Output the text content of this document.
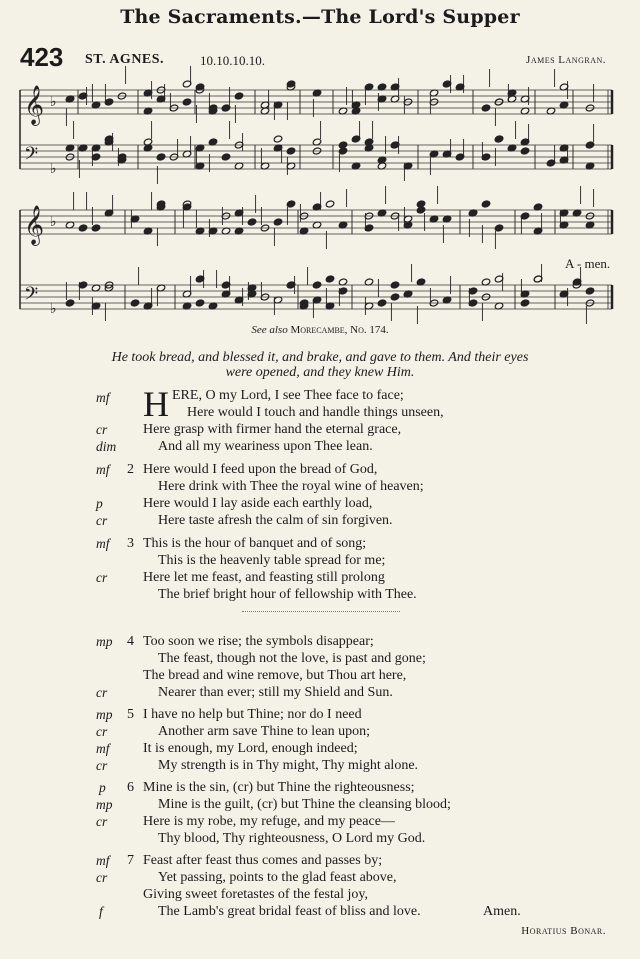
The Sacraments.—The Lord's Supper
423 ST. AGNES.	10.10.10.10.	James Langran.
𝄞 ♭
𝄢 ♭
𝄞 ♭
𝄢 ♭
A - men.
See also Morecambe, No. 174.
He took bread, and blessed it, and brake, and gave to them. And their eyes
were opened, and they knew Him.
mf H ERE, O my Lord, I see Thee face to face;
Here would I touch and handle things unseen,
cr	Here grasp with firmer hand the eternal grace,
dim	And all my weariness upon Thee lean.
mf 2 Here would I feed upon the bread of God,
Here drink with Thee the royal wine of heaven;
p	Here would I lay aside each earthly load,
cr	Here taste afresh the calm of sin forgiven.
mf 3 This is the hour of banquet and of song;
This is the heavenly table spread for me;
cr	Here let me feast, and feasting still prolong
The brief bright hour of fellowship with Thee.
mp 4 Too soon we rise; the symbols disappear;
The feast, though not the love, is past and gone;
The bread and wine remove, but Thou art here,
cr	Nearer than ever; still my Shield and Sun.
mp 5 I have no help but Thine; nor do I need
cr	Another arm save Thine to lean upon;
mf It is enough, my Lord, enough indeed;
cr	My strength is in Thy might, Thy might alone.
p 6 Mine is the sin, (cr) but Thine the righteousness;
mp	Mine is the guilt, (cr) but Thine the cleansing blood;
cr	Here is my robe, my refuge, and my peace—
Thy blood, Thy righteousness, O Lord my God.
mf 7 Feast after feast thus comes and passes by;
cr	Yet passing, points to the glad feast above,
Giving sweet foretastes of the festal joy,
f	The Lamb's great bridal feast of bliss and love.	Amen.
Horatius Bonar.
